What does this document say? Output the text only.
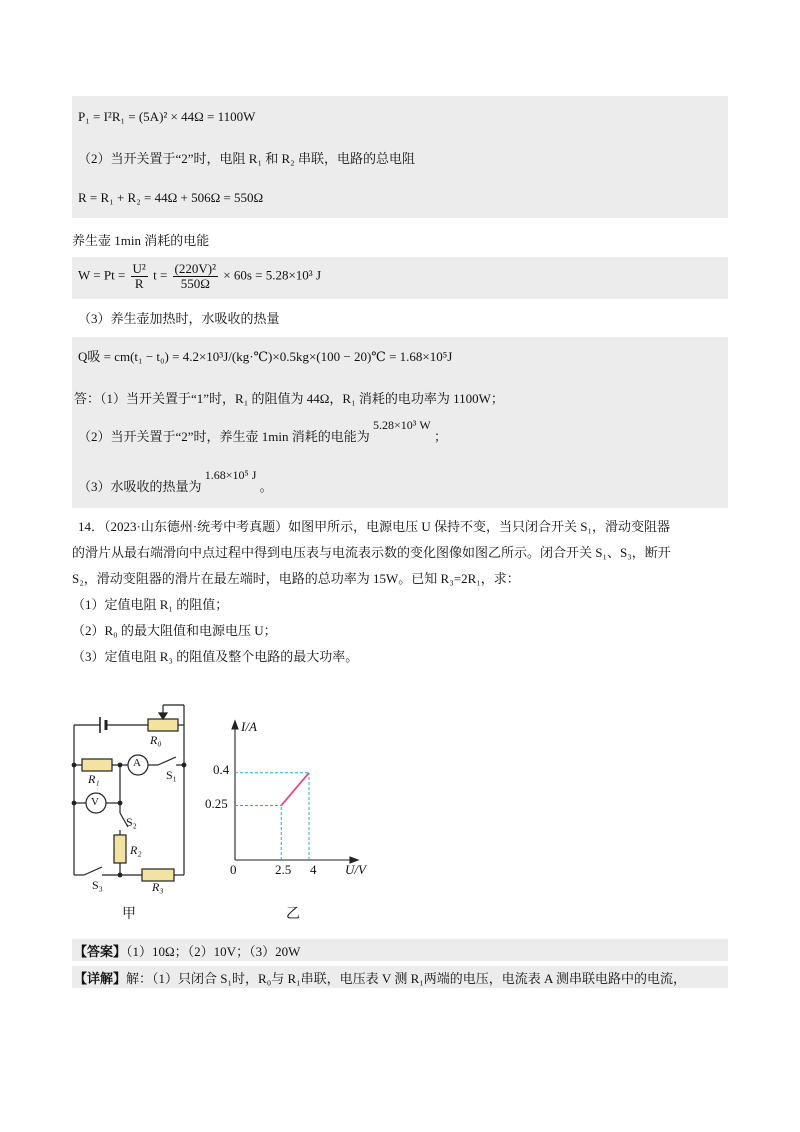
P₁ = I²R₁ = (5A)² × 44Ω = 1100W
（2）当开关置于“2”时，电阻 R₁ 和 R₂ 串联，电路的总电阻
R = R₁ + R₂ = 44Ω + 506Ω = 550Ω
养生壶 1min 消耗的电能
$W = Pt = \frac{\text{U²}}{R}$ $t = \frac{\text{(220V)²}}{550\Omega} \times 60s = 5.28\times 10^3$ J
（3）养生壶加热时，水吸收的热量
Q吸 = cm(t₁ − t₀) = 4.2×10³J/(kg·℃)×0.5kg×(100 − 20)℃ = 1.68×10⁵J
答：（1）当开关置于“1”时，R₁ 的阻值为 44Ω，R₁ 消耗的电功率为 1100W；
（2）当开关置于“2”时，养生壶 1min 消耗的电能为 5.28×10³ W ；
（3）水吸收的热量为 1.68×10⁵ J 。
14．（2023·山东德州·统考中考真题）如图甲所示，电源电压 U 保持不变，当只闭合开关 S₁，滑动变阻器
的滑片从最右端滑向中点过程中得到电压表与电流表示数的变化图像如图乙所示。闭合开关 S₁、S₃，断开
S₂，滑动变阻器的滑片在最左端时，电路的总功率为 15W。已知 R₃=2R₁，求：
（1）定值电阻 R₁ 的阻值；
（2）R₀ 的最大阻值和电源电压 U；
（3）定值电阻 R₃ 的阻值及整个电路的最大功率。
R₀
R₁
A
S₁
V
S₂
R₂
S₃	R₃
甲
I/A
U/V
0	2.5 4
0.4
0.25
乙
【答案】（1）10Ω；（2）10V；（3）20W
【详解】解：（1）只闭合 S₁时，R₀与 R₁串联，电压表 V 测 R₁两端的电压，电流表 A 测串联电路中的电流，
